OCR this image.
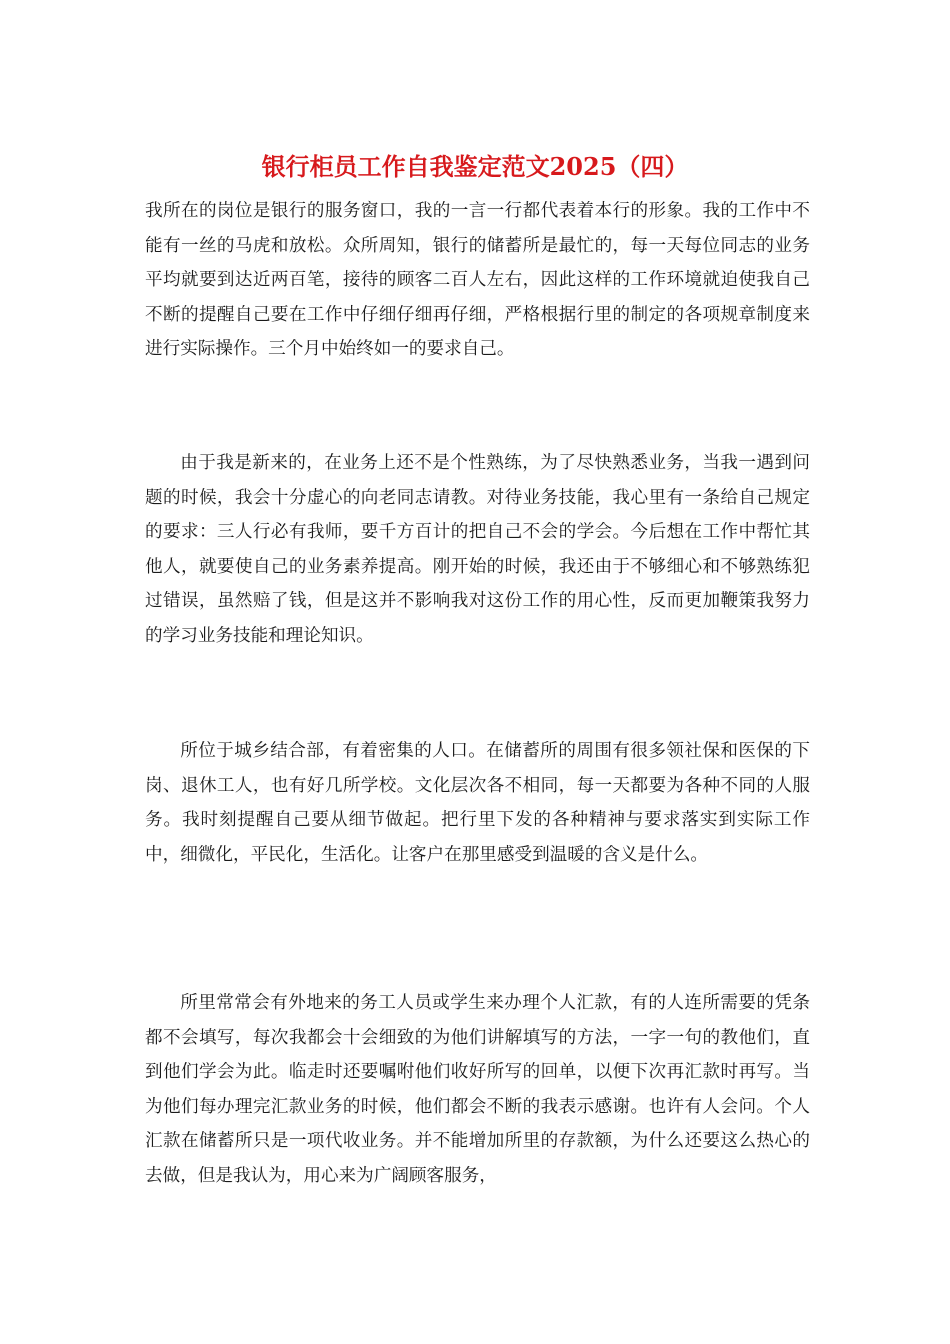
银行柜员工作自我鉴定范文2025（四）

我所在的岗位是银行的服务窗口，我的一言一行都代表着本行的形象。我的工作中不能有一丝的马虎和放松。众所周知，银行的储蓄所是最忙的，每一天每位同志的业务平均就要到达近两百笔，接待的顾客二百人左右，因此这样的工作环境就迫使我自己不断的提醒自己要在工作中仔细仔细再仔细，严格根据行里的制定的各项规章制度来进行实际操作。三个月中始终如一的要求自己。

由于我是新来的，在业务上还不是个性熟练，为了尽快熟悉业务，当我一遇到问题的时候，我会十分虚心的向老同志请教。对待业务技能，我心里有一条给自己规定的要求：三人行必有我师，要千方百计的把自己不会的学会。今后想在工作中帮忙其他人，就要使自己的业务素养提高。刚开始的时候，我还由于不够细心和不够熟练犯过错误，虽然赔了钱，但是这并不影响我对这份工作的用心性，反而更加鞭策我努力的学习业务技能和理论知识。

所位于城乡结合部，有着密集的人口。在储蓄所的周围有很多领社保和医保的下岗、退休工人，也有好几所学校。文化层次各不相同，每一天都要为各种不同的人服务。我时刻提醒自己要从细节做起。把行里下发的各种精神与要求落实到实际工作中，细微化，平民化，生活化。让客户在那里感受到温暖的含义是什么。

所里常常会有外地来的务工人员或学生来办理个人汇款，有的人连所需要的凭条都不会填写，每次我都会十会细致的为他们讲解填写的方法，一字一句的教他们，直到他们学会为此。临走时还要嘱咐他们收好所写的回单，以便下次再汇款时再写。当为他们每办理完汇款业务的时候，他们都会不断的我表示感谢。也许有人会问。个人汇款在储蓄所只是一项代收业务。并不能增加所里的存款额，为什么还要这么热心的去做，但是我认为，用心来为广阔顾客服务，
